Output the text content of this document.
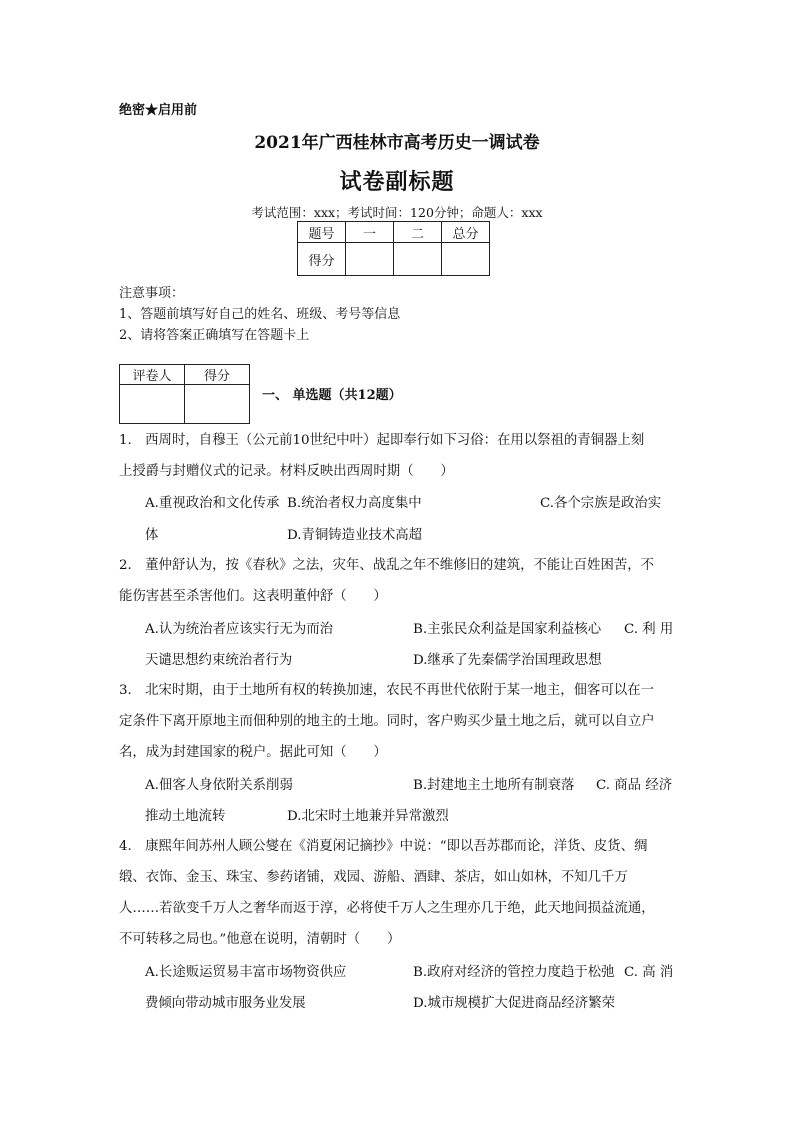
绝密★启用前
2021年广西桂林市高考历史一调试卷
试卷副标题
考试范围：xxx；考试时间：120分钟；命题人：xxx
题号	一	二	总分
得分			
注意事项：
1、答题前填写好自己的姓名、班级、考号等信息
2、请将答案正确填写在答题卡上
评卷人	得分

一、 单选题（共12题）

1.　西周时，自穆王（公元前10世纪中叶）起即奉行如下习俗：在用以祭祖的青铜器上刻

上授爵与封赠仪式的记录。材料反映出西周时期（　　）

A.重视政治和文化传承 B.统治者权力高度集中	C.各个宗族是政治实
体	D.青铜铸造业技术高超

2.　董仲舒认为，按《春秋》之法，灾年、战乱之年不维修旧的建筑，不能让百姓困苦，不

能伤害甚至杀害他们。这表明董仲舒（　　）

A.认为统治者应该实行无为而治	B.主张民众利益是国家利益核心 C. 利 用
天谴思想约束统治者行为	D.继承了先秦儒学治国理政思想

3.　北宋时期，由于土地所有权的转换加速，农民不再世代依附于某一地主，佃客可以在一

定条件下离开原地主而佃种别的地主的土地。同时，客户购买少量土地之后，就可以自立户

名，成为封建国家的税户。据此可知（　　）

A.佃客人身依附关系削弱	B.封建地主土地所有制衰落 C. 商品 经济
推动土地流转	D.北宋时土地兼并异常激烈

4.　康熙年间苏州人顾公燮在《消夏闲记摘抄》中说：“即以吾苏郡而论，洋货、皮货、绸

缎、衣饰、金玉、珠宝、参药诸铺，戏园、游船、酒肆、茶店，如山如林，不知几千万

人……若欲变千万人之奢华而返于淳，必将使千万人之生理亦几于绝，此天地间损益流通，

不可转移之局也。”他意在说明，清朝时（　　）

A.长途贩运贸易丰富市场物资供应	B.政府对经济的管控力度趋于松弛 C. 高 消
费倾向带动城市服务业发展	D.城市规模扩大促进商品经济繁荣
